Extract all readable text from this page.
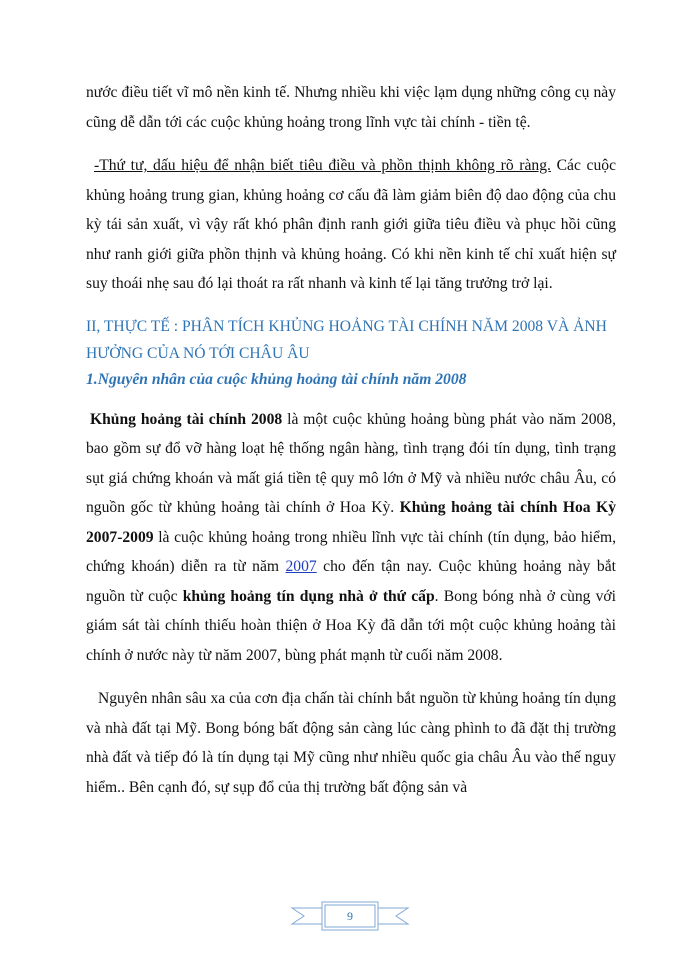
nước điều tiết vĩ mô nền kinh tế. Nhưng nhiều khi việc lạm dụng những công cụ này cũng dễ dẫn tới các cuộc khủng hoảng trong lĩnh vực tài chính - tiền tệ.

-Thứ tư, dấu hiệu để nhận biết tiêu điều và phồn thịnh không rõ ràng. Các cuộc khủng hoảng trung gian, khủng hoảng cơ cấu đã làm giảm biên độ dao động của chu kỳ tái sản xuất, vì vậy rất khó phân định ranh giới giữa tiêu điều và phục hồi cũng như ranh giới giữa phồn thịnh và khủng hoảng. Có khi nền kinh tế chỉ xuất hiện sự suy thoái nhẹ sau đó lại thoát ra rất nhanh và kinh tế lại tăng trưởng trở lại.

II, THỰC TẾ : PHÂN TÍCH KHỦNG HOẢNG TÀI CHÍNH NĂM 2008 VÀ ẢNH HƯỞNG CỦA NÓ TỚI CHÂU ÂU

1.Nguyên nhân của cuộc khủng hoảng tài chính năm 2008

Khủng hoảng tài chính 2008 là một cuộc khủng hoảng bùng phát vào năm 2008, bao gồm sự đổ vỡ hàng loạt hệ thống ngân hàng, tình trạng đói tín dụng, tình trạng sụt giá chứng khoán và mất giá tiền tệ quy mô lớn ở Mỹ và nhiều nước châu Âu, có nguồn gốc từ khủng hoảng tài chính ở Hoa Kỳ. Khủng hoảng tài chính Hoa Kỳ 2007-2009 là cuộc khủng hoảng trong nhiều lĩnh vực tài chính (tín dụng, bảo hiểm, chứng khoán) diễn ra từ năm 2007 cho đến tận nay. Cuộc khủng hoảng này bắt nguồn từ cuộc khủng hoảng tín dụng nhà ở thứ cấp. Bong bóng nhà ở cùng với giám sát tài chính thiếu hoàn thiện ở Hoa Kỳ đã dẫn tới một cuộc khủng hoảng tài chính ở nước này từ năm 2007, bùng phát mạnh từ cuối năm 2008.

Nguyên nhân sâu xa của cơn địa chấn tài chính bắt nguồn từ khủng hoảng tín dụng và nhà đất tại Mỹ. Bong bóng bất động sản càng lúc càng phình to đã đặt thị trường nhà đất và tiếp đó là tín dụng tại Mỹ cũng như nhiều quốc gia châu Âu vào thế nguy hiểm.. Bên cạnh đó, sự sụp đổ của thị trường bất động sản và

9
